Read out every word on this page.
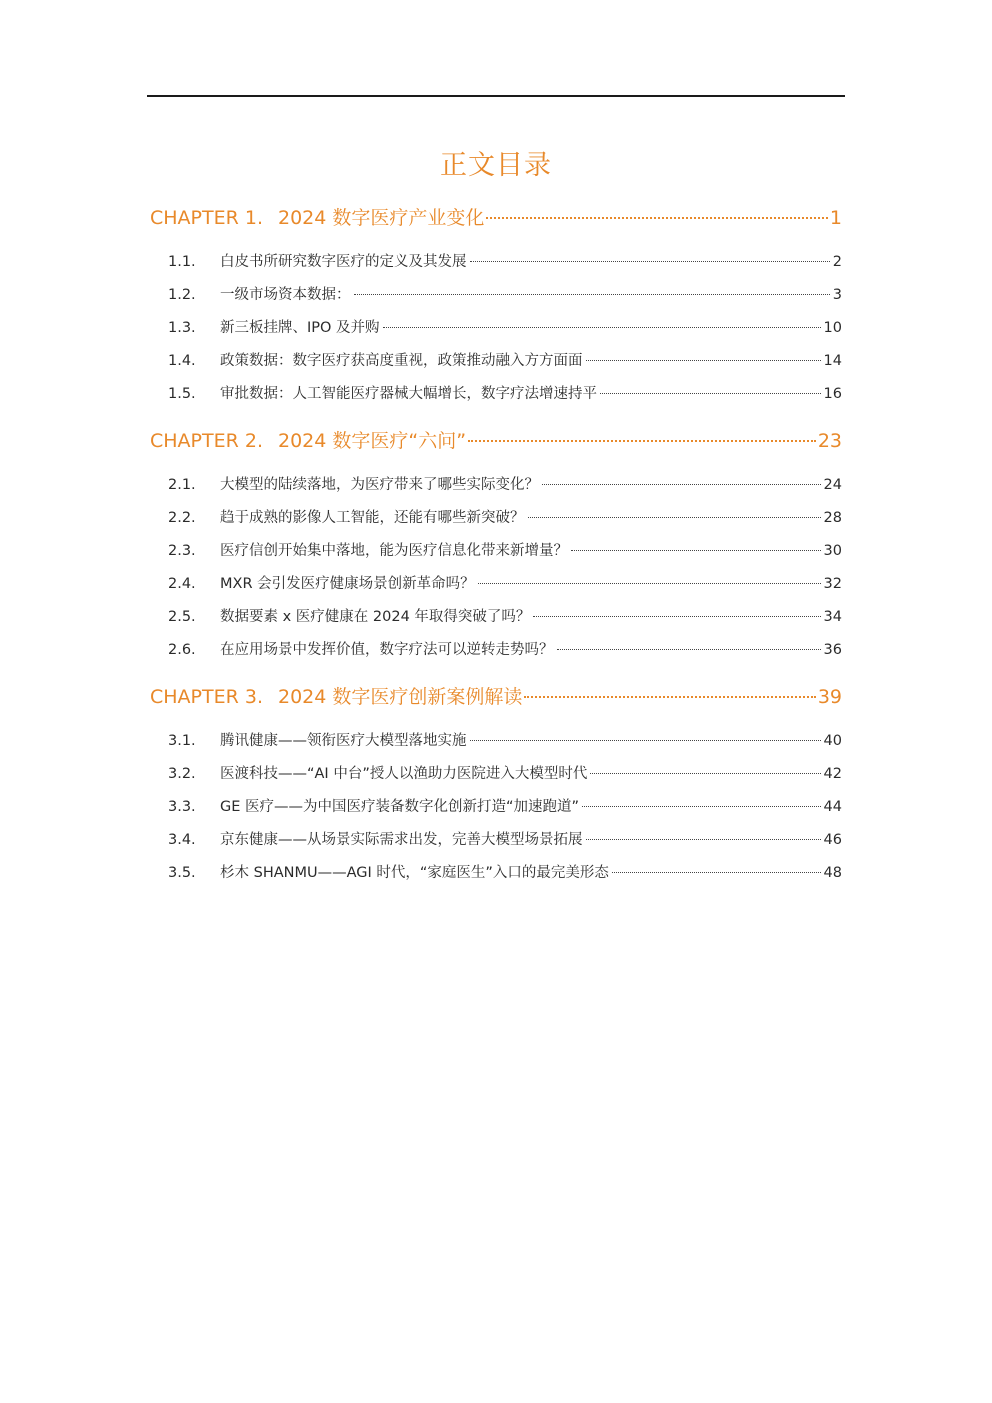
正文目录
CHAPTER 1. 2024 数字医疗产业变化	1
1.1.	白皮书所研究数字医疗的定义及其发展	2
1.2.	一级市场资本数据：	3
1.3.	新三板挂牌、IPO 及并购	10
1.4.	政策数据：数字医疗获高度重视，政策推动融入方方面面	14
1.5.	审批数据：人工智能医疗器械大幅增长，数字疗法增速持平	16
CHAPTER 2. 2024 数字医疗“六问”	23
2.1.	大模型的陆续落地，为医疗带来了哪些实际变化？	24
2.2.	趋于成熟的影像人工智能，还能有哪些新突破？	28
2.3.	医疗信创开始集中落地，能为医疗信息化带来新增量？	30
2.4.	MXR 会引发医疗健康场景创新革命吗？	32
2.5.	数据要素 x 医疗健康在 2024 年取得突破了吗？	34
2.6.	在应用场景中发挥价值，数字疗法可以逆转走势吗？	36
CHAPTER 3. 2024 数字医疗创新案例解读	39
3.1.	腾讯健康——领衔医疗大模型落地实施	40
3.2.	医渡科技——“AI 中台”授人以渔助力医院进入大模型时代	42
3.3.	GE 医疗——为中国医疗装备数字化创新打造“加速跑道”	44
3.4.	京东健康——从场景实际需求出发，完善大模型场景拓展	46
3.5.	杉木 SHANMU——AGI 时代，“家庭医生”入口的最完美形态	48
